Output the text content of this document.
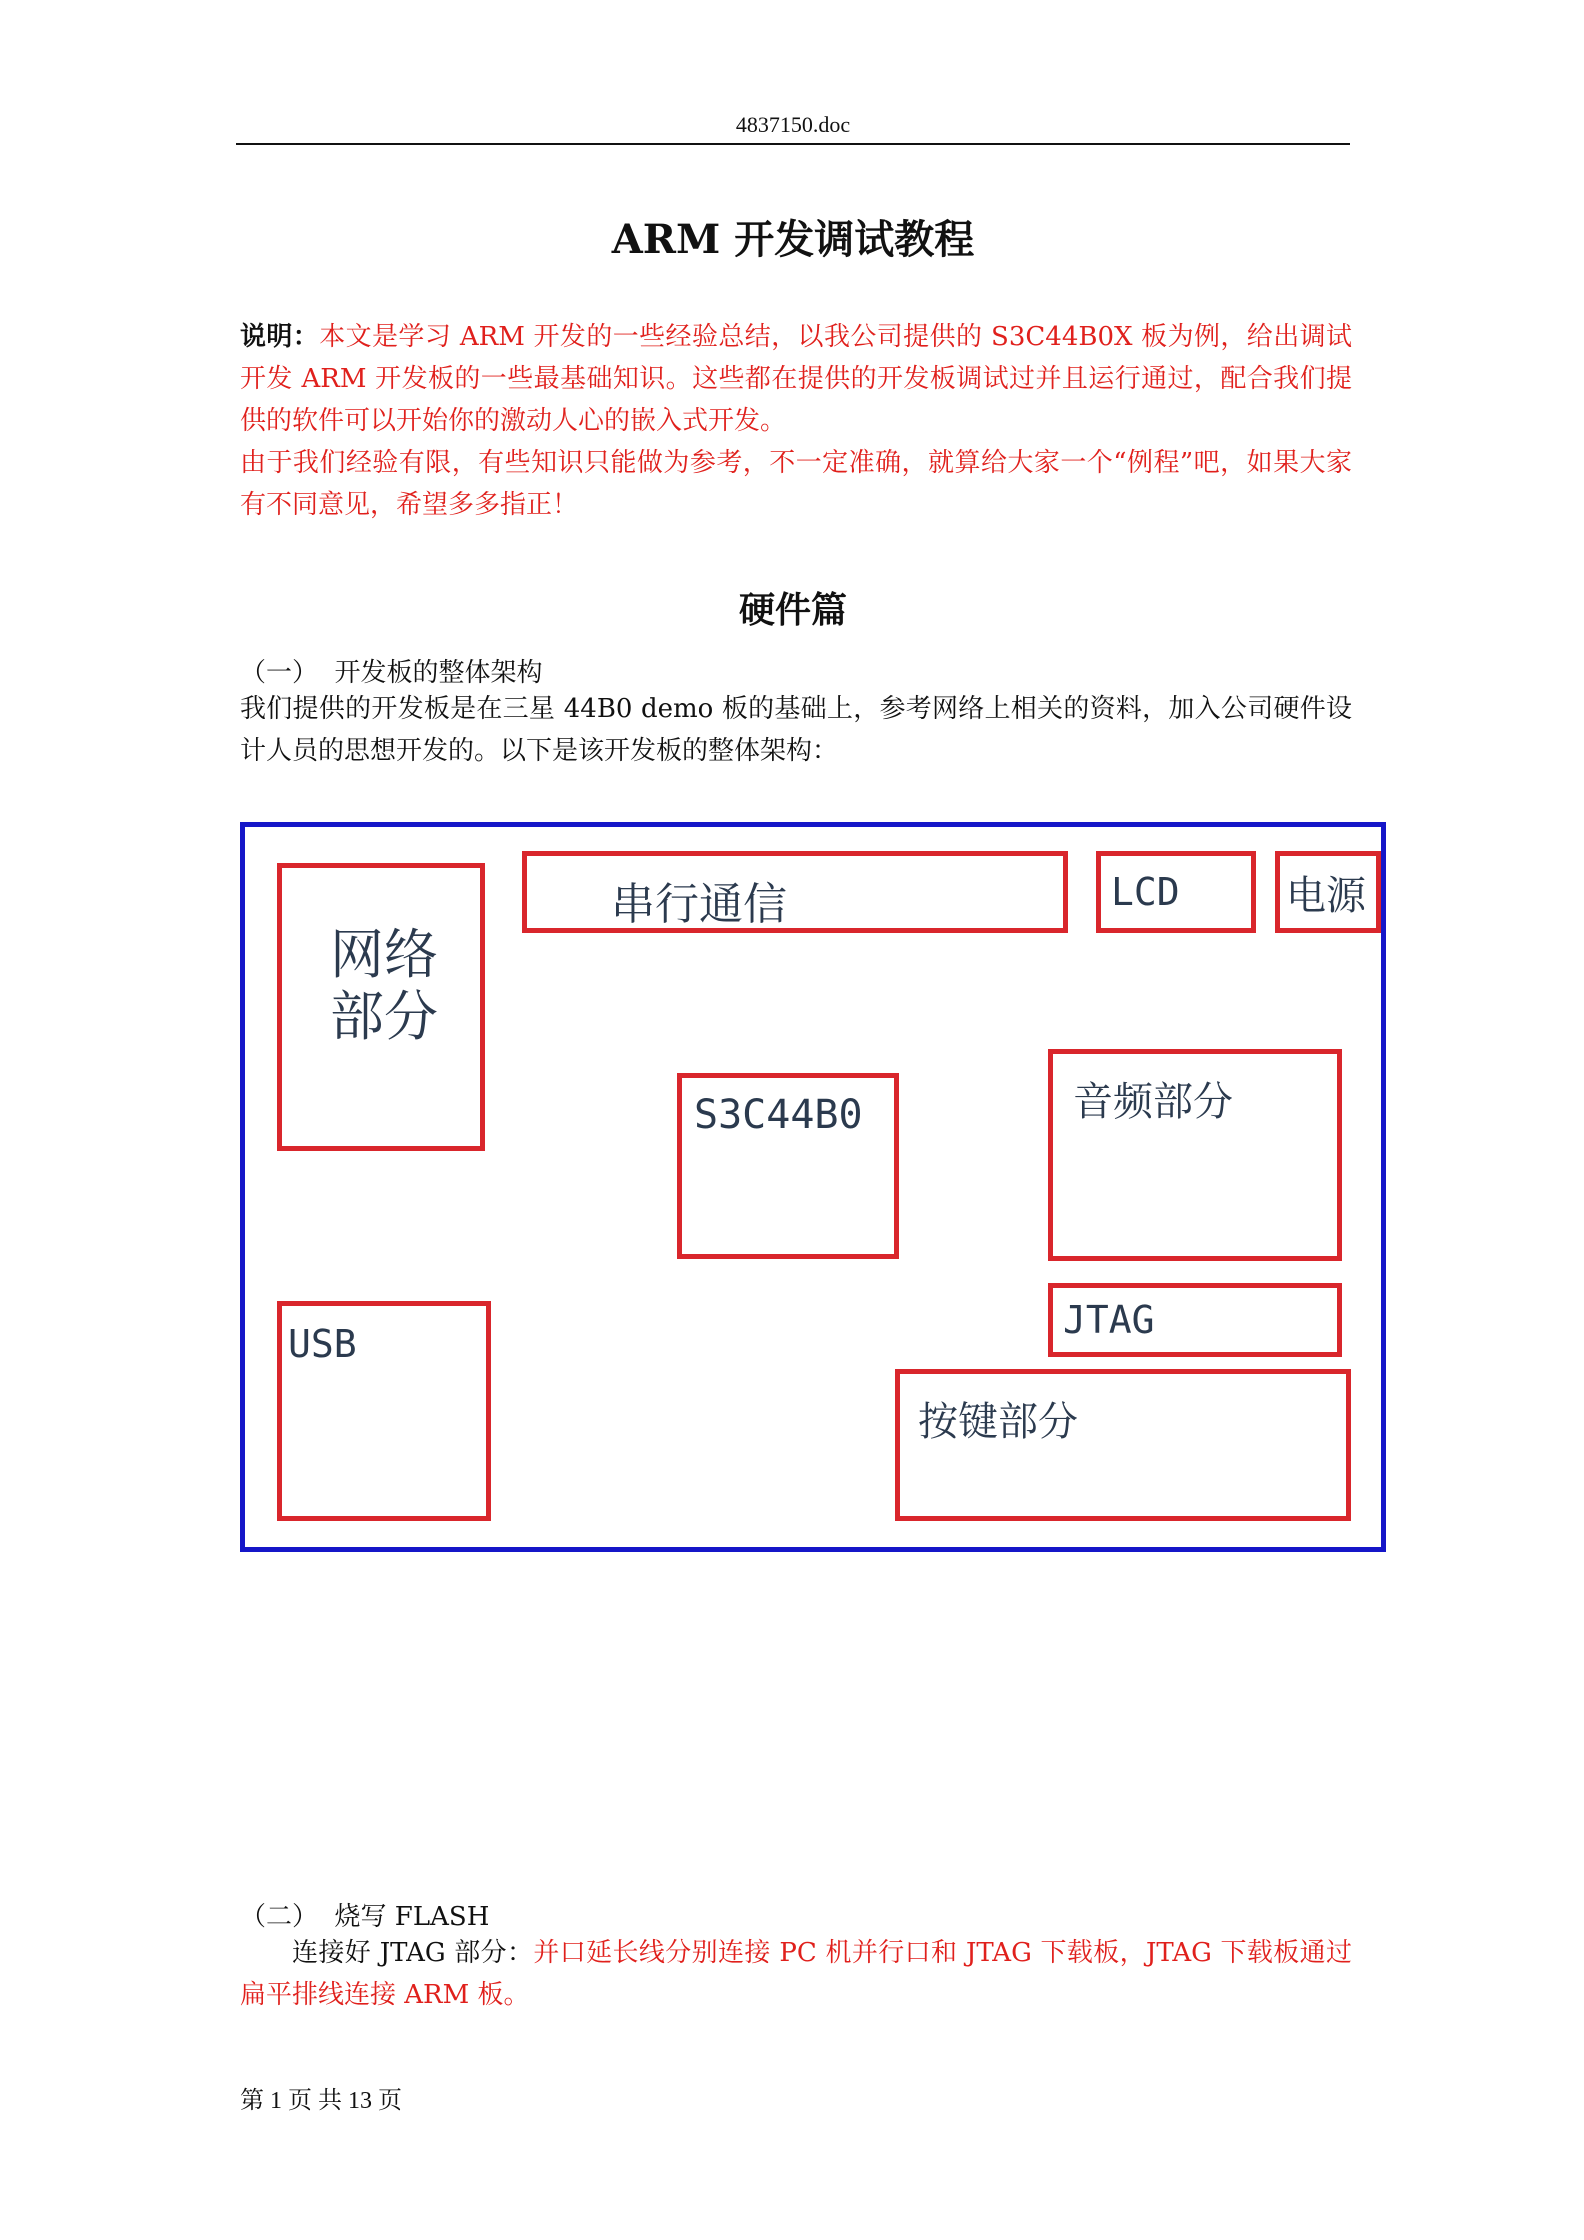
4837150.doc
ARM 开发调试教程
说明：本文是学习 ARM 开发的一些经验总结，以我公司提供的 S3C44B0X 板为例，给出调试开发 ARM 开发板的一些最基础知识。这些都在提供的开发板调试过并且运行通过，配合我们提供的软件可以开始你的激动人心的嵌入式开发。
由于我们经验有限，有些知识只能做为参考，不一定准确，就算给大家一个“例程”吧，如果大家有不同意见，希望多多指正！
硬件篇
（一） 开发板的整体架构
我们提供的开发板是在三星 44B0 demo 板的基础上，参考网络上相关的资料，加入公司硬件设计人员的思想开发的。以下是该开发板的整体架构：
网络
部分
串行通信	LCD	电源
S3C44B0	音频部分
JTAG
USB
按键部分
（二） 烧写 FLASH
连接好 JTAG 部分：并口延长线分别连接 PC 机并行口和 JTAG 下载板，JTAG 下载板通过扁平排线连接 ARM 板。
第 1 页 共 13 页
